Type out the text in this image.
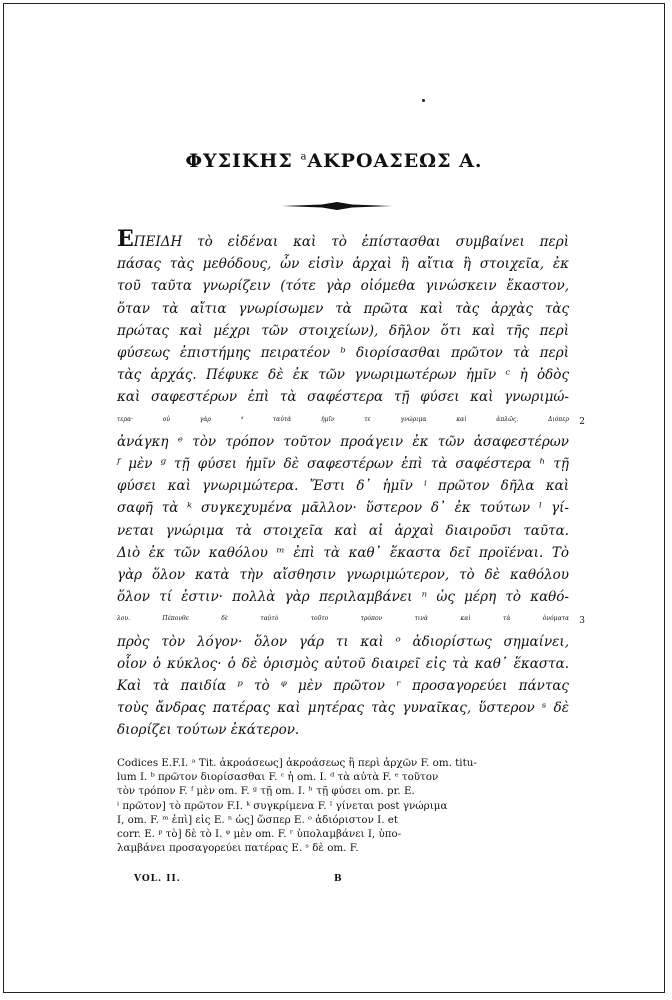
ΦΥΣΙΚΗΣ $^a$ΑΚΡΟΑΣΕΩΣ Α.
ΕΠΕΙΔΗ τὸ εἰδέναι καὶ τὸ ἐπίστασθαι συμβαίνει περὶ
πάσας τὰς μεθόδους, ὧν εἰσὶν ἀρχαὶ ἢ αἴτια ἢ στοιχεῖα, ἐκ
τοῦ ταῦτα γνωρίζειν (τότε γὰρ οἰόμεθα γινώσκειν ἕκαστον,
ὅταν τὰ αἴτια γνωρίσωμεν τὰ πρῶτα καὶ τὰς ἀρχὰς τὰς
πρώτας καὶ μέχρι τῶν στοιχείων), δῆλον ὅτι καὶ τῆς περὶ
φύσεως ἐπιστήμης πειρατέον ᵇ διορίσασθαι πρῶτον τὰ περὶ
τὰς ἀρχάς. Πέφυκε δὲ ἐκ τῶν γνωριμωτέρων ἡμῖν ᶜ ἡ ὁδὸς
καὶ σαφεστέρων ἐπὶ τὰ σαφέστερα τῇ φύσει καὶ γνωριμώ-
τερα· οὐ γὰρ ᵈ ταὐτὰ ἡμῖν τε γνώριμα καὶ ἁπλῶς. Διόπερ 2
ἀνάγκη ᵉ τὸν τρόπον τοῦτον προάγειν ἐκ τῶν ἀσαφεστέρων
ᶠ μὲν ᵍ τῇ φύσει ἡμῖν δὲ σαφεστέρων ἐπὶ τὰ σαφέστερα ʰ τῇ
φύσει καὶ γνωριμώτερα. Ἔστι δ᾽ ἡμῖν ⁱ πρῶτον δῆλα καὶ
σαφῆ τὰ ᵏ συγκεχυμένα μᾶλλον· ὕστερον δ᾽ ἐκ τούτων ˡ γί-
νεται γνώριμα τὰ στοιχεῖα καὶ αἱ ἀρχαὶ διαιροῦσι ταῦτα.
Διὸ ἐκ τῶν καθόλου ᵐ ἐπὶ τὰ καθ᾽ ἕκαστα δεῖ προϊέναι. Τὸ
γὰρ ὅλον κατὰ τὴν αἴσθησιν γνωριμώτερον, τὸ δὲ καθόλου
ὅλον τί ἐστιν· πολλὰ γὰρ περιλαμβάνει ⁿ ὡς μέρη τὸ καθό-
λου. Πέπονθε δὲ ταὐτὸ τοῦτο τρόπον τινὰ καὶ τὰ ὀνόματα 3
πρὸς τὸν λόγον· ὅλον γάρ τι καὶ ᵒ ἀδιορίστως σημαίνει,
οἷον ὁ κύκλος· ὁ δὲ ὁρισμὸς αὐτοῦ διαιρεῖ εἰς τὰ καθ᾽ ἕκαστα.
Καὶ τὰ παιδία ᵖ τὸ ᵠ μὲν πρῶτον ʳ προσαγορεύει πάντας
τοὺς ἄνδρας πατέρας καὶ μητέρας τὰς γυναῖκας, ὕστερον ˢ δὲ
διορίζει τούτων ἑκάτερον.
Codices E.F.I. ᵃ Tit. ἀκροάσεως] ἀκροάσεως ἢ περὶ ἀρχῶν F. om. titu-
lum I. ᵇ πρῶτον διορίσασθαι F. ᶜ ἡ om. I. ᵈ τὰ αὐτὰ F. ᵉ τοῦτον
τὸν τρόπον F. ᶠ μὲν om. F. ᵍ τῇ om. I. ʰ τῇ φύσει om. pr. E.
ⁱ πρῶτον] τὸ πρῶτον F.I. ᵏ συγκρίμενα F. ˡ γίνεται post γνώριμα
I, om. F. ᵐ ἐπὶ] εἰς E. ⁿ ὡς] ὥσπερ E. ᵒ ἀδιόριστον I. et
corr. E. ᵖ τὸ] δὲ τὸ I. ᵠ μὲν om. F. ʳ ὑπολαμβάνει I, ὑπο-
λαμβάνει προσαγορεύει πατέρας E. ˢ δὲ om. F.
VOL. II.	B
